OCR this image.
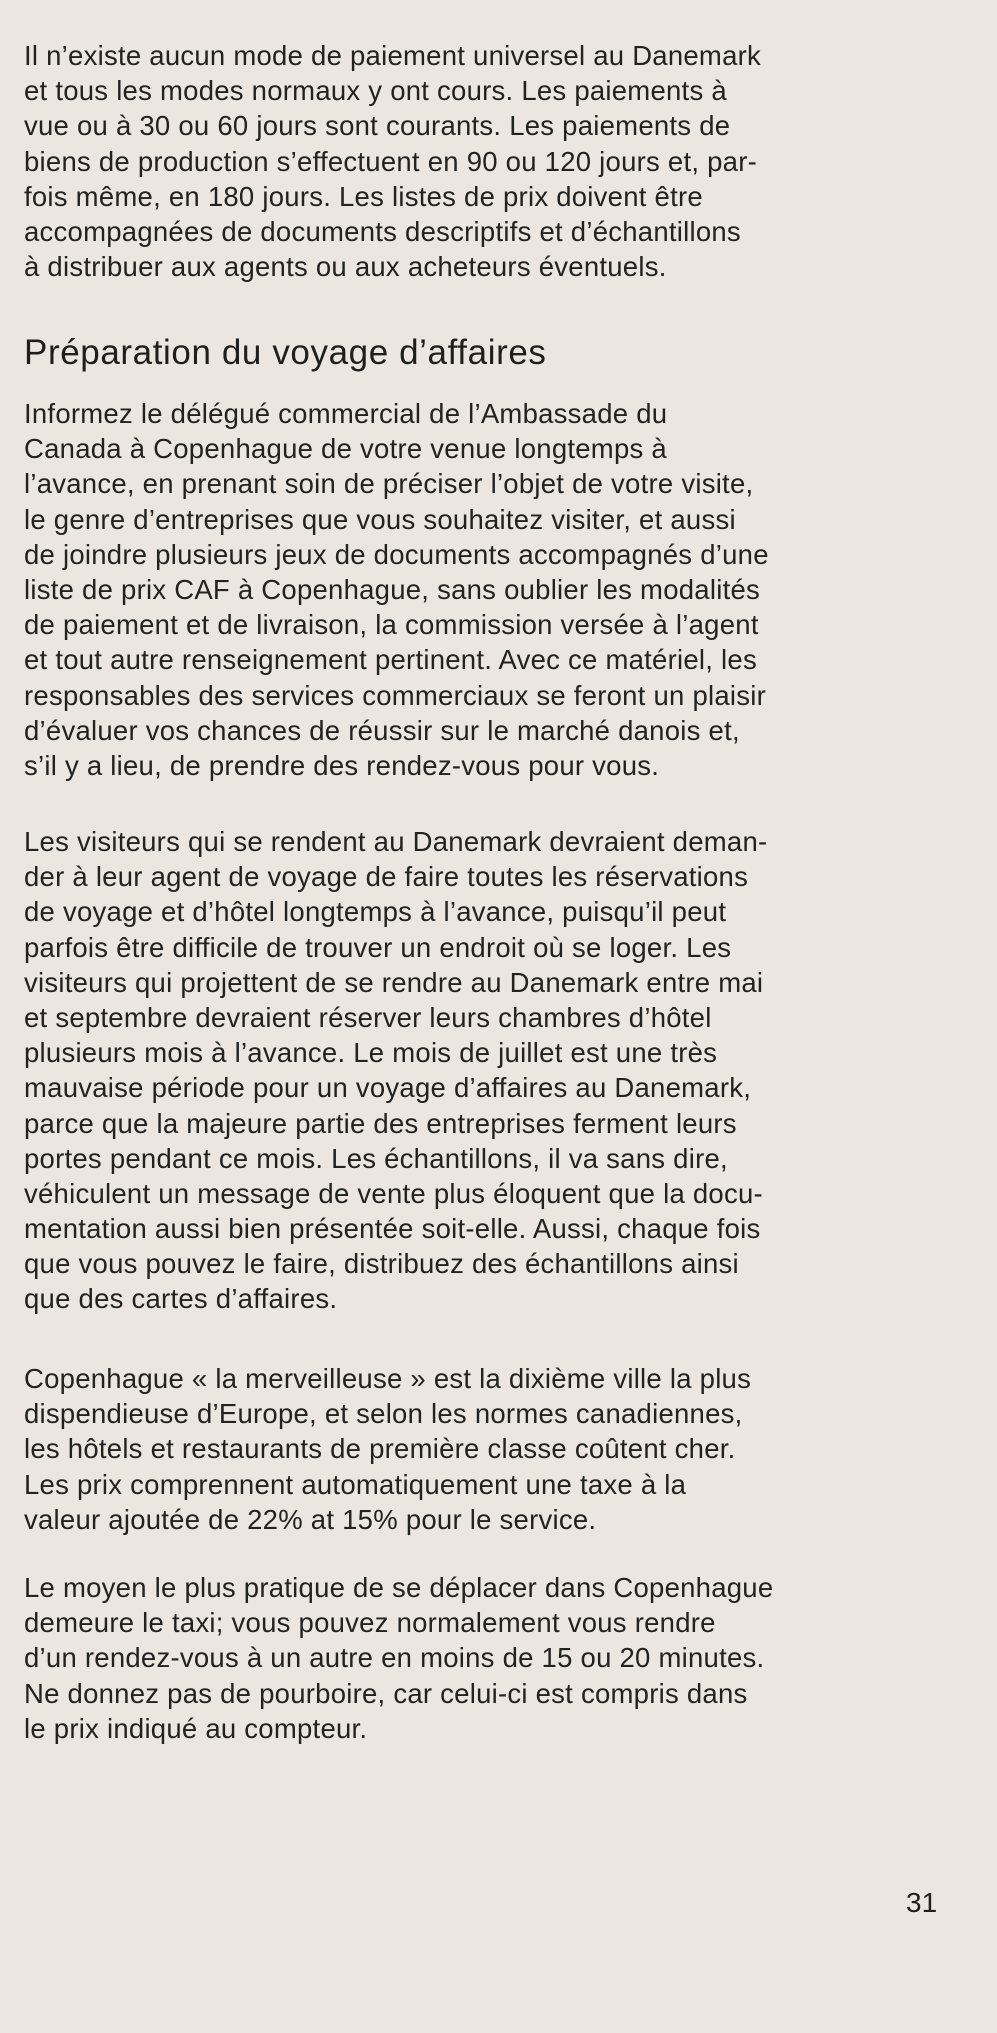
Il n’existe aucun mode de paiement universel au Danemark
et tous les modes normaux y ont cours. Les paiements à
vue ou à 30 ou 60 jours sont courants. Les paiements de
biens de production s’effectuent en 90 ou 120 jours et, par-
fois même, en 180 jours. Les listes de prix doivent être
accompagnées de documents descriptifs et d’échantillons
à distribuer aux agents ou aux acheteurs éventuels.

Préparation du voyage d’affaires

Informez le délégué commercial de l’Ambassade du
Canada à Copenhague de votre venue longtemps à
l’avance, en prenant soin de préciser l’objet de votre visite,
le genre d’entreprises que vous souhaitez visiter, et aussi
de joindre plusieurs jeux de documents accompagnés d’une
liste de prix CAF à Copenhague, sans oublier les modalités
de paiement et de livraison, la commission versée à l’agent
et tout autre renseignement pertinent. Avec ce matériel, les
responsables des services commerciaux se feront un plaisir
d’évaluer vos chances de réussir sur le marché danois et,
s’il y a lieu, de prendre des rendez-vous pour vous.

Les visiteurs qui se rendent au Danemark devraient deman-
der à leur agent de voyage de faire toutes les réservations
de voyage et d’hôtel longtemps à l’avance, puisqu’il peut
parfois être difficile de trouver un endroit où se loger. Les
visiteurs qui projettent de se rendre au Danemark entre mai
et septembre devraient réserver leurs chambres d’hôtel
plusieurs mois à l’avance. Le mois de juillet est une très
mauvaise période pour un voyage d’affaires au Danemark,
parce que la majeure partie des entreprises ferment leurs
portes pendant ce mois. Les échantillons, il va sans dire,
véhiculent un message de vente plus éloquent que la docu-
mentation aussi bien présentée soit-elle. Aussi, chaque fois
que vous pouvez le faire, distribuez des échantillons ainsi
que des cartes d’affaires.

Copenhague « la merveilleuse » est la dixième ville la plus
dispendieuse d’Europe, et selon les normes canadiennes,
les hôtels et restaurants de première classe coûtent cher.
Les prix comprennent automatiquement une taxe à la
valeur ajoutée de 22% at 15% pour le service.

Le moyen le plus pratique de se déplacer dans Copenhague
demeure le taxi; vous pouvez normalement vous rendre
d’un rendez-vous à un autre en moins de 15 ou 20 minutes.
Ne donnez pas de pourboire, car celui-ci est compris dans
le prix indiqué au compteur.

31
